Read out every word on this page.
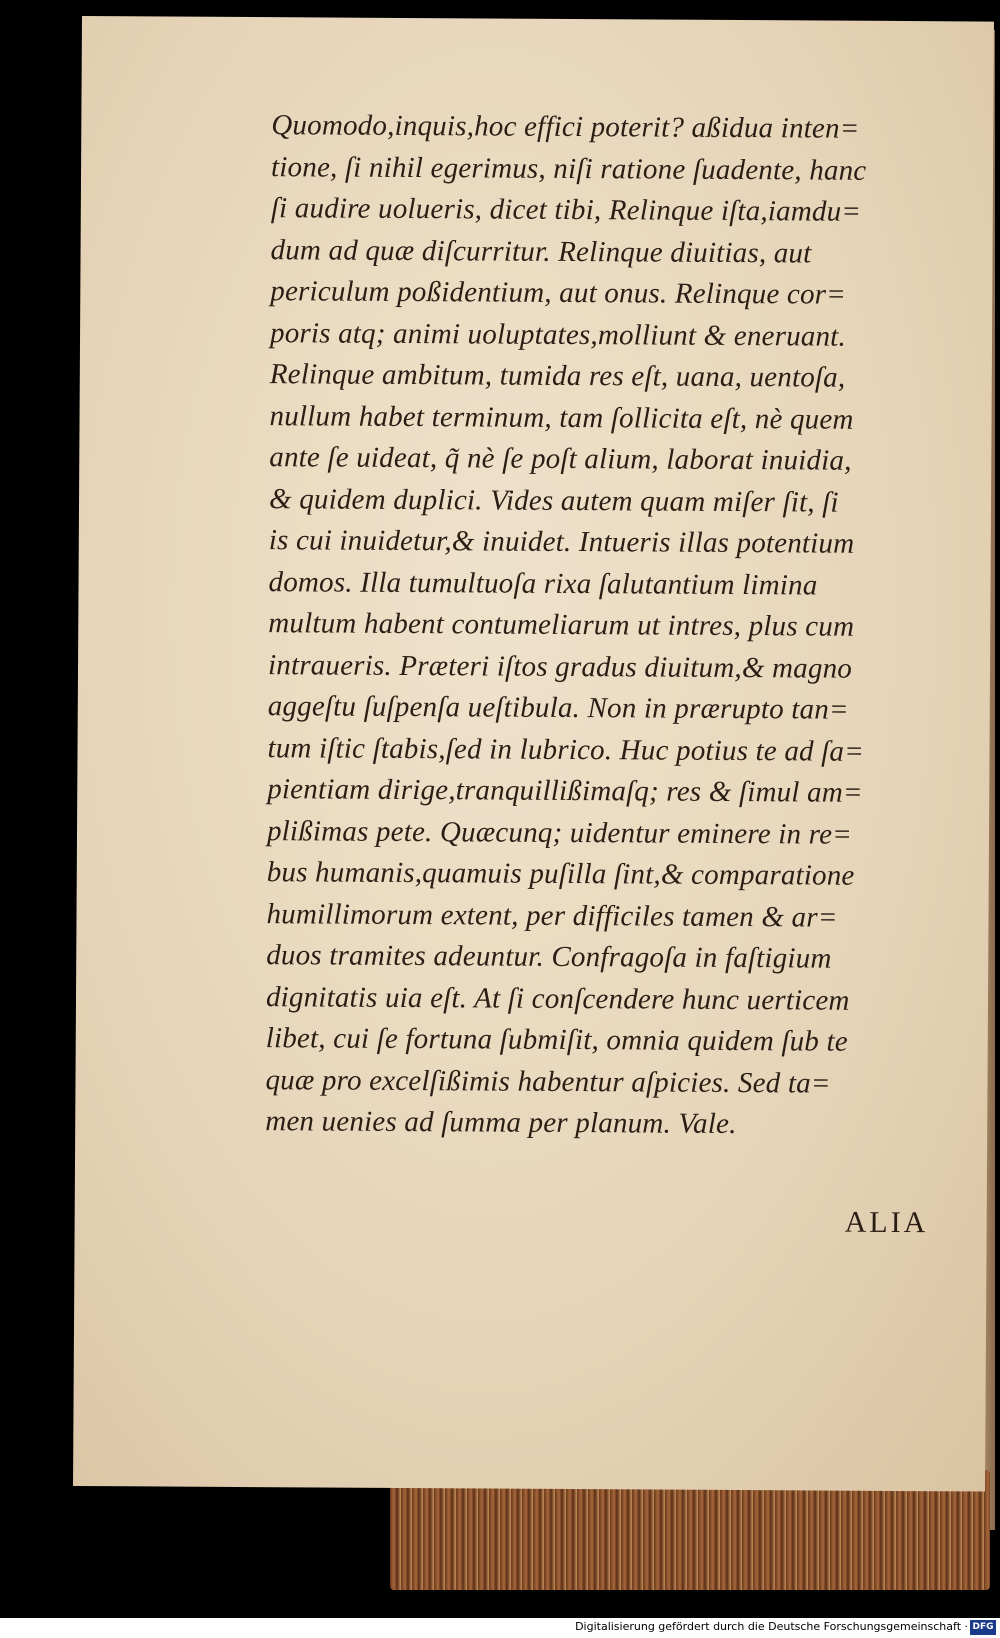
Quomodo,inquis,hoc effici poterit? aßidua inten=
tione, ſi nihil egerimus, niſi ratione ſuadente, hanc
ſi audire uolueris, dicet tibi, Relinque iſta,iamdu=
dum ad quæ diſcurritur. Relinque diuitias, aut
periculum poßidentium, aut onus. Relinque cor=
poris atq; animi uoluptates,molliunt & eneruant.
Relinque ambitum, tumida res eſt, uana, uentoſa,
nullum habet terminum, tam ſollicita eſt, nè quem
ante ſe uideat, q̃ nè ſe poſt alium, laborat inuidia,
& quidem duplici. Vides autem quam miſer ſit, ſi
is cui inuidetur,& inuidet. Intueris illas potentium
domos. Illa tumultuoſa rixa ſalutantium limina
multum habent contumeliarum ut intres, plus cum
intraueris. Præteri iſtos gradus diuitum,& magno
aggeſtu ſuſpenſa ueſtibula. Non in prærupto tan=
tum iſtic ſtabis,ſed in lubrico. Huc potius te ad ſa=
pientiam dirige,tranquillißimaſq; res & ſimul am=
plißimas pete. Quæcunq; uidentur eminere in re=
bus humanis,quamuis puſilla ſint,& comparatione
humillimorum extent, per difficiles tamen & ar=
duos tramites adeuntur. Confragoſa in faſtigium
dignitatis uia eſt. At ſi conſcendere hunc uerticem
libet, cui ſe fortuna ſubmiſit, omnia quidem ſub te
quæ pro excelſißimis habentur aſpicies. Sed ta=
men uenies ad ſumma per planum. Vale.
ALIA
Digitalisierung gefördert durch die Deutsche Forschungsgemeinschaft · DFG
